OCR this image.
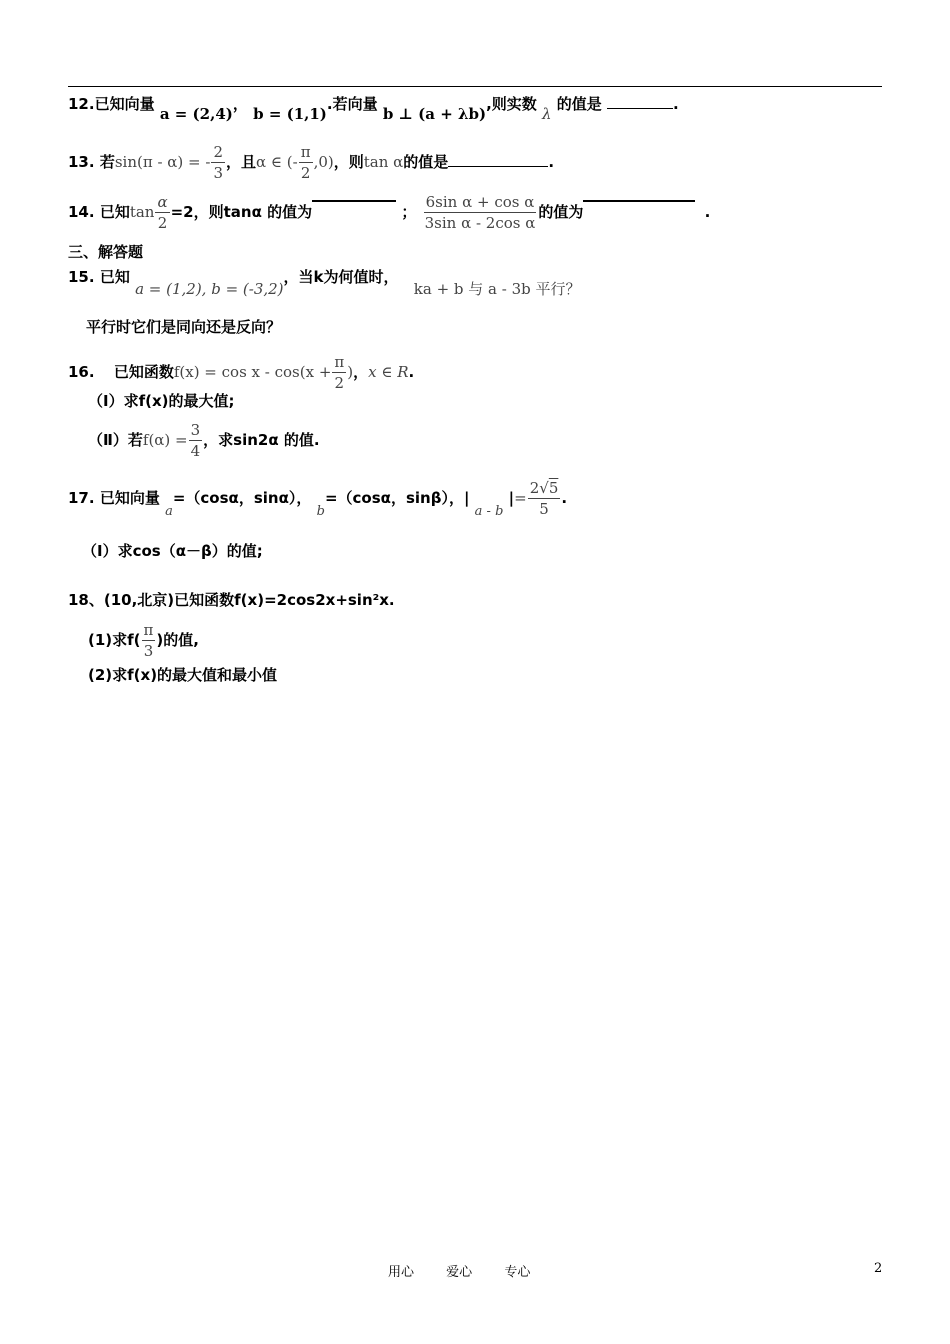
12.已知向量 a = (2,4)， b = (1,1).若向量 b ⊥ (a + λb),则实数 λ 的值是	.
13. 若sin(π - α) = - $\frac{2}{3}$ ，且α ∈ (- $\frac{\pi}{2} ,0$)，则tan α的值是	.
14. 已知$\tan \frac{\alpha}{2} =2$，则tanα 的值为	； $\frac{\text{6sin α + cos α}}{\text{3sin α - 2cos α}}$ 的值为	.
三、解答题
15. 已知 a = (1,2), b = (-3,2)，当k为何值时， ka + b 与 a - 3b 平行？
平行时它们是同向还是反向？
16. 已知函数$f(x) = \cos x - \cos(x + \frac{\pi}{2}$ )，x ∈ R.
（Ⅰ）求f(x)的最大值;
（Ⅱ）若$f(\alpha) = \frac{3}{4}$ ，求sin2α 的值.
17. 已知向量 a=（cosα，sinα）， b=（cosα，sinβ），| a - b |= $\frac{2√5}{5}$ .
（Ⅰ）求cos（α－β）的值;
18、(10,北京)已知函数f(x)=2cos2x+sin²x.
(1)求$f( \frac{\pi}{3}$ )的值,
(2)求f(x)的最大值和最小值
用心 爱心 专心	2
